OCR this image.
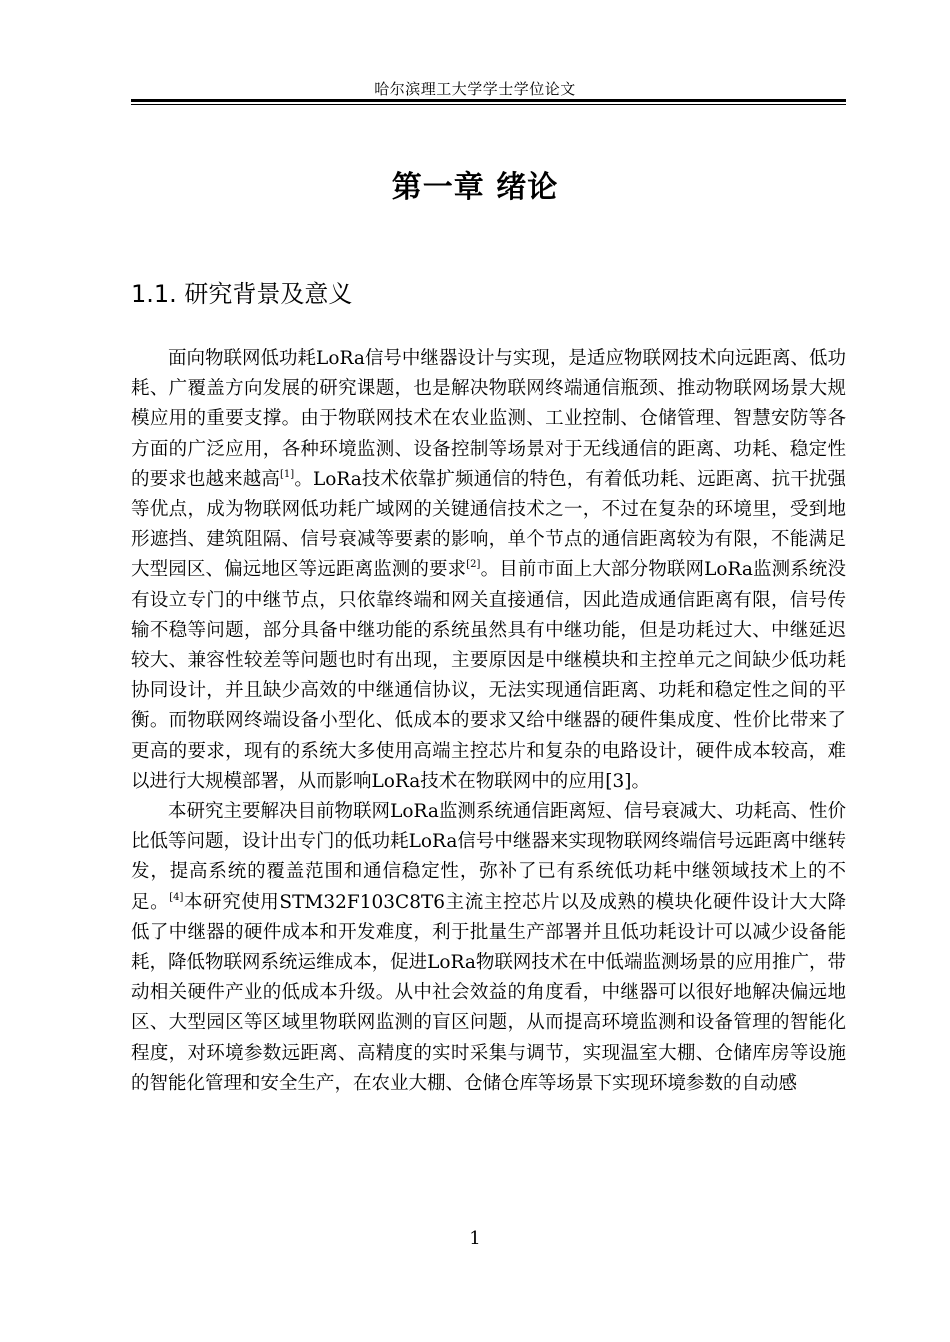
哈尔滨理工大学学士学位论文
第一章 绪论
1.1. 研究背景及意义

面向物联网低功耗LoRa信号中继器设计与实现，是适应物联网技术向远距离、低功耗、广覆盖方向发展的研究课题，也是解决物联网终端通信瓶颈、推动物联网场景大规模应用的重要支撑。由于物联网技术在农业监测、工业控制、仓储管理、智慧安防等各方面的广泛应用，各种环境监测、设备控制等场景对于无线通信的距离、功耗、稳定性的要求也越来越高[1]。LoRa技术依靠扩频通信的特色，有着低功耗、远距离、抗干扰强等优点，成为物联网低功耗广域网的关键通信技术之一，不过在复杂的环境里，受到地形遮挡、建筑阻隔、信号衰减等要素的影响，单个节点的通信距离较为有限，不能满足大型园区、偏远地区等远距离监测的要求[2]。目前市面上大部分物联网LoRa监测系统没有设立专门的中继节点，只依靠终端和网关直接通信，因此造成通信距离有限，信号传输不稳等问题，部分具备中继功能的系统虽然具有中继功能，但是功耗过大、中继延迟较大、兼容性较差等问题也时有出现，主要原因是中继模块和主控单元之间缺少低功耗协同设计，并且缺少高效的中继通信协议，无法实现通信距离、功耗和稳定性之间的平衡。而物联网终端设备小型化、低成本的要求又给中继器的硬件集成度、性价比带来了更高的要求，现有的系统大多使用高端主控芯片和复杂的电路设计，硬件成本较高，难以进行大规模部署，从而影响LoRa技术在物联网中的应用[3]。

本研究主要解决目前物联网LoRa监测系统通信距离短、信号衰减大、功耗高、性价比低等问题，设计出专门的低功耗LoRa信号中继器来实现物联网终端信号远距离中继转发，提高系统的覆盖范围和通信稳定性，弥补了已有系统低功耗中继领域技术上的不足。[4]本研究使用STM32F103C8T6主流主控芯片以及成熟的模块化硬件设计大大降低了中继器的硬件成本和开发难度，利于批量生产部署并且低功耗设计可以减少设备能耗，降低物联网系统运维成本，促进LoRa物联网技术在中低端监测场景的应用推广，带动相关硬件产业的低成本升级。从中社会效益的角度看，中继器可以很好地解决偏远地区、大型园区等区域里物联网监测的盲区问题，从而提高环境监测和设备管理的智能化程度，对环境参数远距离、高精度的实时采集与调节，实现温室大棚、仓储库房等设施的智能化管理和安全生产，在农业大棚、仓储仓库等场景下实现环境参数的自动感

1
